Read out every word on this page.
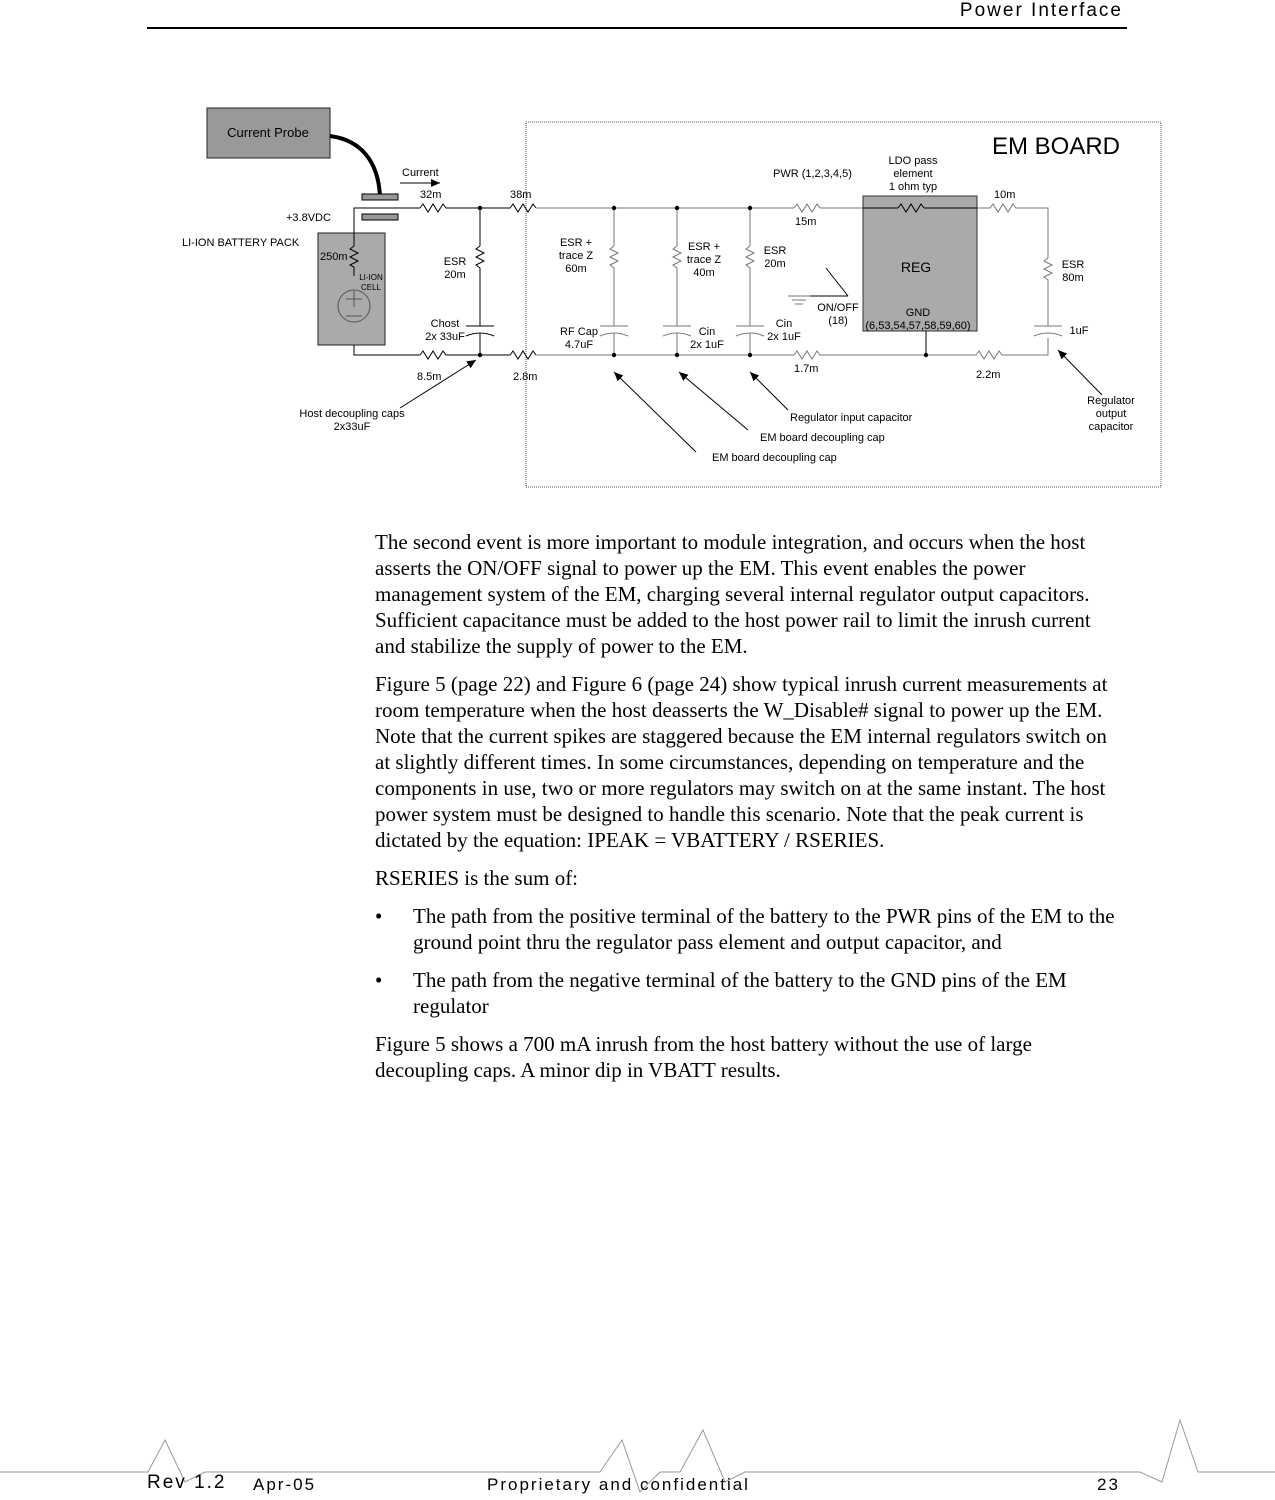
Power Interface
EM BOARD
Current Probe
Current
+3.8VDC
LI-ION BATTERY PACK
250m
LI-ION
CELL
32m	38m
15m
10m
8.5m	2.8m
1.7m	2.2m
ESR
20m
Chost
2x 33uF
ESR +
trace Z
60m
RF Cap
4.7uF
ESR +
trace Z
40m
Cin
2x 1uF
ESR
20m
Cin
2x 1uF
ESR
80m
1uF
REG
GND
(6,53,54,57,58,59,60)
PWR (1,2,3,4,5)
LDO pass
element
1 ohm typ
ON/OFF
(18)
Host decoupling caps
2x33uF
Regulator input capacitor
EM board decoupling cap
EM board decoupling cap
Regulator
output
capacitor

The second event is more important to module integration, and occurs when the host asserts the ON/OFF signal to power up the EM. This event enables the power management system of the EM, charging several internal regulator output capacitors. Sufficient capacitance must be added to the host power rail to limit the inrush current and stabilize the supply of power to the EM.

Figure 5 (page 22) and Figure 6 (page 24) show typical inrush current measurements at room temperature when the host deasserts the W_Disable# signal to power up the EM. Note that the current spikes are staggered because the EM internal regulators switch on at slightly different times. In some circumstances, depending on temperature and the components in use, two or more regulators may switch on at the same instant. The host power system must be designed to handle this scenario. Note that the peak current is dictated by the equation: IPEAK = VBATTERY / RSERIES.

RSERIES is the sum of:

•	The path from the positive terminal of the battery to the PWR pins of the EM to the ground point thru the regulator pass element and output capacitor, and
•	The path from the negative terminal of the battery to the GND pins of the EM regulator

Figure 5 shows a 700 mA inrush from the host battery without the use of large decoupling caps. A minor dip in VBATT results.

Rev 1.2 Apr-05	Proprietary and confidential	23
